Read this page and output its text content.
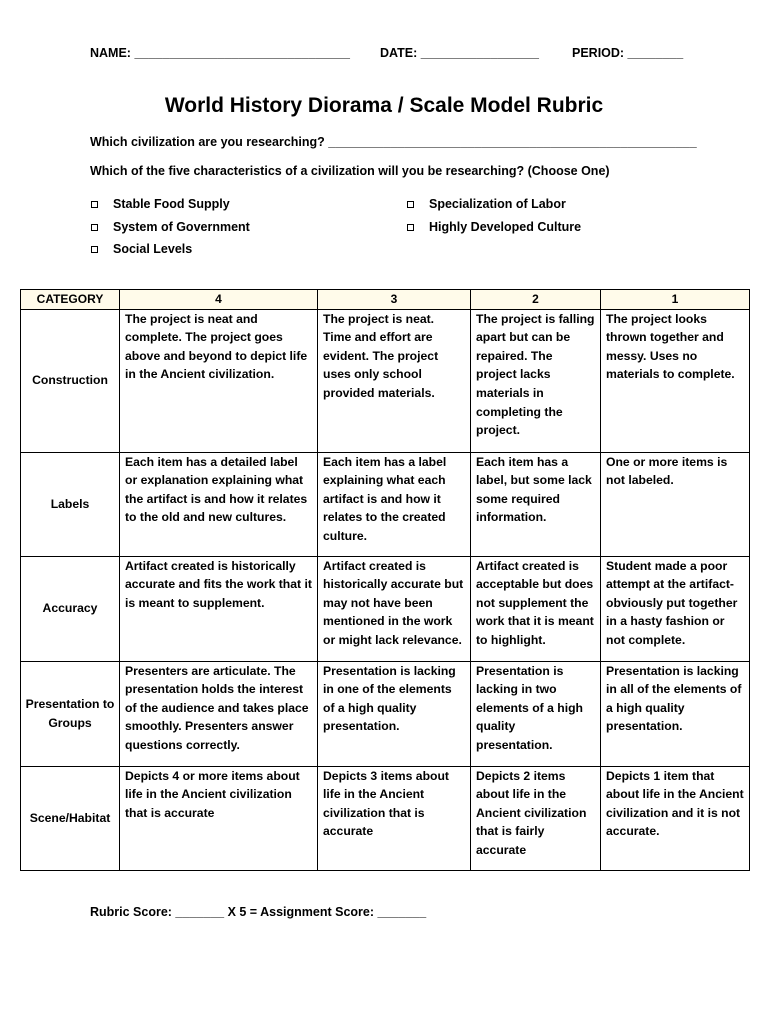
NAME: _______________________________ DATE: _________________	PERIOD: ________
World History Diorama / Scale Model Rubric
Which civilization are you researching? _____________________________________________________
Which of the five characteristics of a civilization will you be researching? (Choose One)
Stable Food Supply
System of Government
Social Levels
Specialization of Labor
Highly Developed Culture
CATEGORY	4	3	2	1
Construction	The project is neat and complete. The project goes above and beyond to depict life in the Ancient civilization.	The project is neat. Time and effort are evident. The project uses only school provided materials.	The project is falling apart but can be repaired. The project lacks materials in completing the project.	The project looks thrown together and messy. Uses no materials to complete.
Labels	Each item has a detailed label or explanation explaining what the artifact is and how it relates to the old and new cultures.	Each item has a label explaining what each artifact is and how it relates to the created culture.	Each item has a label, but some lack some required information.	One or more items is not labeled.
Accuracy	Artifact created is historically accurate and fits the work that it is meant to supplement.	Artifact created is historically accurate but may not have been mentioned in the work or might lack relevance.	Artifact created is acceptable but does not supplement the work that it is meant to highlight.	Student made a poor attempt at the artifact- obviously put together in a hasty fashion or not complete.
Presentation to Groups	Presenters are articulate. The presentation holds the interest of the audience and takes place smoothly. Presenters answer questions correctly.	Presentation is lacking in one of the elements of a high quality presentation.	Presentation is lacking in two elements of a high quality presentation.	Presentation is lacking in all of the elements of a high quality presentation.
Scene/Habitat	Depicts 4 or more items about life in the Ancient civilization that is accurate	Depicts 3 items about life in the Ancient civilization that is accurate	Depicts 2 items about life in the Ancient civilization that is fairly accurate	Depicts 1 item that about life in the Ancient civilization and it is not accurate.
Rubric Score: _______ X 5 = Assignment Score: _______
